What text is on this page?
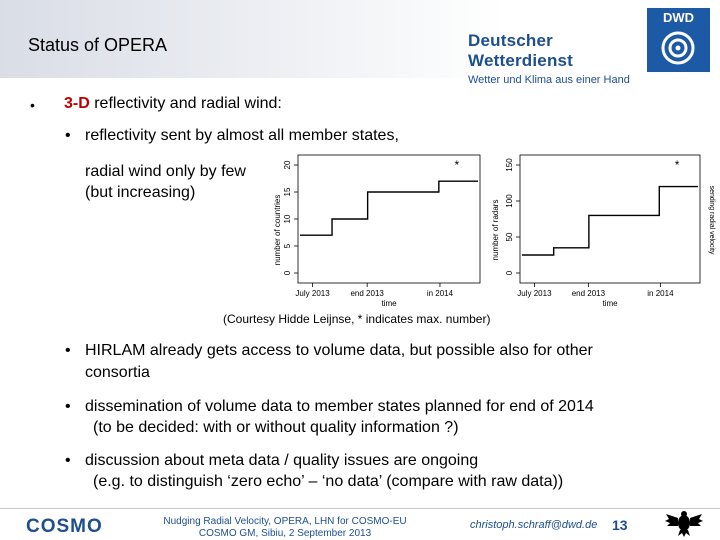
Status of OPERA	Deutscher Wetterdienst
Wetter und Klima aus einer Hand
DWD
• 3-D reflectivity and radial wind:
• reflectivity sent by almost all member states,
radial wind only by few
(but increasing)
number of countries
0
5
10
15
20
July 2013	end 2013	in 2014
*
time
number of radars
0
50
100
150
July 2013	end 2013	in 2014
*
time
sending radial velocity
(Courtesy Hidde Leijnse, * indicates max. number)
• HIRLAM already gets access to volume data, but possible also for other
consortia
• dissemination of volume data to member states planned for end of 2014
(to be decided: with or without quality information ?)
• discussion about meta data / quality issues are ongoing
(e.g. to distinguish ‘zero echo’ – ‘no data’ (compare with raw data))
COSMO	Nudging Radial Velocity, OPERA, LHN for COSMO-EU
COSMO GM, Sibiu, 2 September 2013
christoph.schraff@dwd.de 13
